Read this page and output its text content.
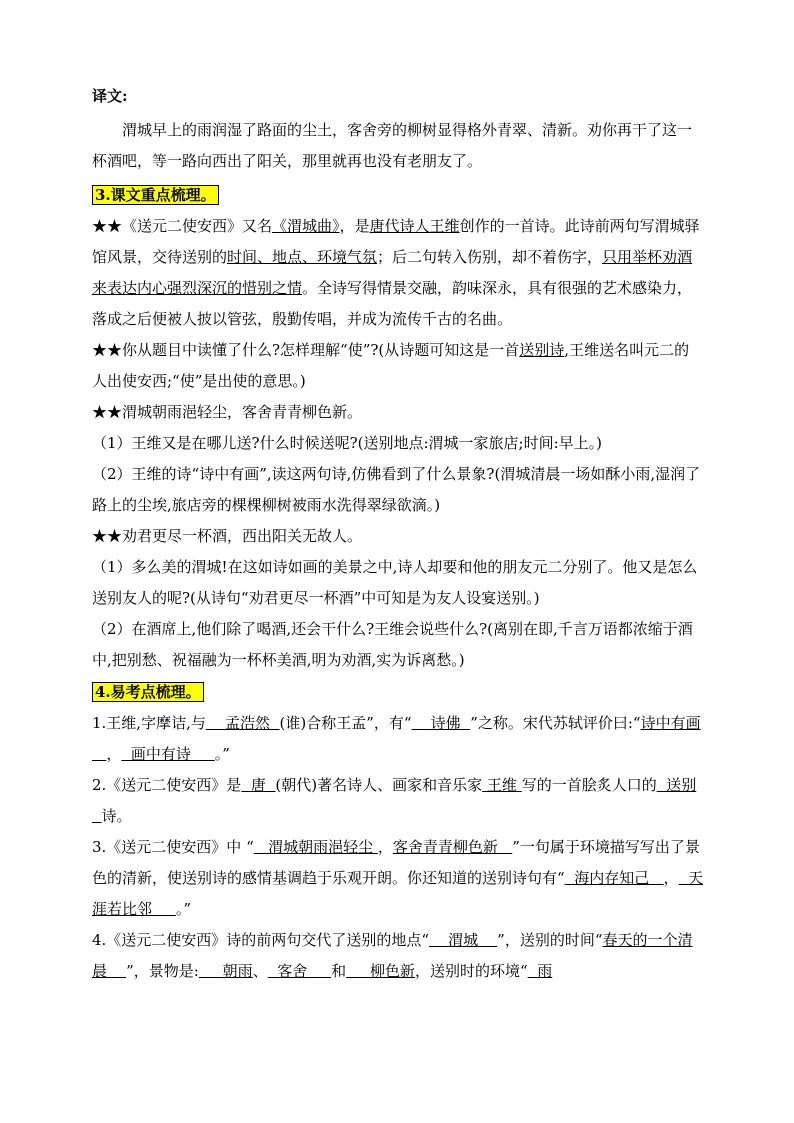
译文:

渭城早上的雨润湿了路面的尘土，客舍旁的柳树显得格外青翠、清新。劝你再干了这一杯酒吧，等一路向西出了阳关，那里就再也没有老朋友了。

3.课文重点梳理。

★★《送元二使安西》又名《渭城曲》，是唐代诗人王维创作的一首诗。此诗前两句写渭城驿馆风景，交待送别的时间、地点、环境气氛；后二句转入伤别，却不着伤字，只用举杯劝酒来表达内心强烈深沉的惜别之情。全诗写得情景交融，韵味深永，具有很强的艺术感染力，落成之后便被人披以管弦，殷勤传唱，并成为流传千古的名曲。

★★你从题目中读懂了什么?怎样理解“使”?(从诗题可知这是一首送别诗,王维送名叫元二的人出使安西;“使”是出使的意思。)

★★渭城朝雨浥轻尘，客舍青青柳色新。

（1）王维又是在哪儿送?什么时候送呢?(送别地点:渭城一家旅店;时间:早上。)

（2）王维的诗“诗中有画”,读这两句诗,仿佛看到了什么景象?(渭城清晨一场如酥小雨,湿润了路上的尘埃,旅店旁的棵棵柳树被雨水洗得翠绿欲滴。)

★★劝君更尽一杯酒，西出阳关无故人。

（1）多么美的渭城!在这如诗如画的美景之中,诗人却要和他的朋友元二分别了。他又是怎么送别友人的呢?(从诗句“劝君更尽一杯酒”中可知是为友人设宴送别。)

（2）在酒席上,他们除了喝酒,还会干什么?王维会说些什么?(离别在即,千言万语都浓缩于酒中,把别愁、祝福融为一杯杯美酒,明为劝酒,实为诉离愁。)

4.易考点梳理。

1.王维,字摩诘,与 孟浩然 (谁)合称王孟”，有“ 诗佛 ”之称。宋代苏轼评价曰:“诗中有画   ， 画中有诗 。”

2.《送元二使安西》是 唐 (朝代)著名诗人、画家和音乐家 王维 写的一首脍炙人口的 送别  诗。

3.《送元二使安西》中 “ 渭城朝雨浥轻尘 ，客舍青青柳色新 ”一句属于环境描写写出了景色的清新，使送别诗的感情基调趋于乐观开朗。你还知道的送别诗句有“ 海内存知己 ， 天涯若比邻 。”

4.《送元二使安西》诗的前两句交代了送别的地点“ 渭城 ”，送别的时间“春天的一个清晨 ”，景物是: 朝雨、 客舍 和 柳色新，送别时的环境“ 雨
